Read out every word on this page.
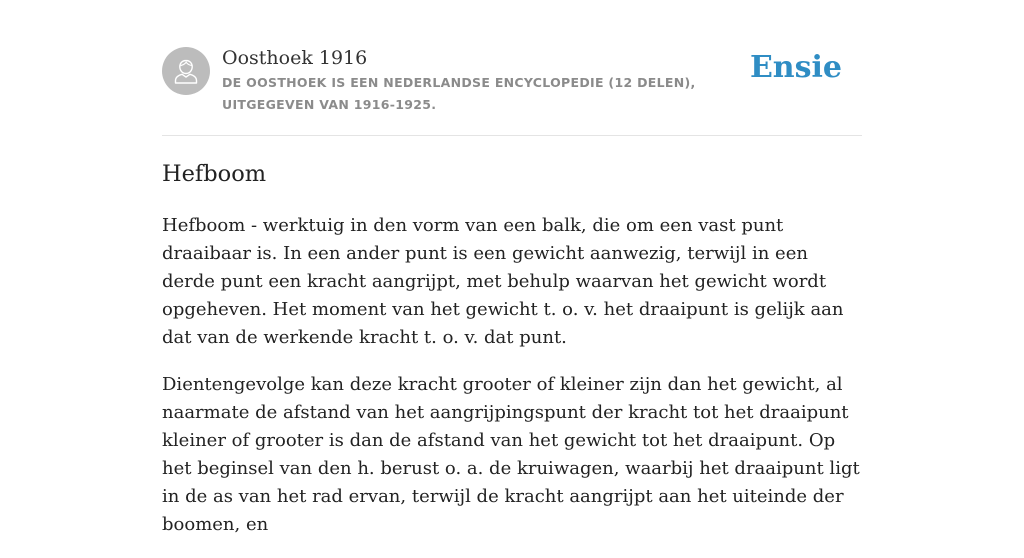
Oosthoek 1916
DE OOSTHOEK IS EEN NEDERLANDSE ENCYCLOPEDIE (12 DELEN), UITGEGEVEN VAN 1916-1925.
Ensie
Hefboom

Hefboom - werktuig in den vorm van een balk, die om een vast punt draaibaar is. In een ander punt is een gewicht aanwezig, terwijl in een derde punt een kracht aangrijpt, met behulp waarvan het gewicht wordt opgeheven. Het moment van het gewicht t. o. v. het draaipunt is gelijk aan dat van de werkende kracht t. o. v. dat punt.

Dientengevolge kan deze kracht grooter of kleiner zijn dan het gewicht, al naarmate de afstand van het aangrijpingspunt der kracht tot het draaipunt kleiner of grooter is dan de afstand van het gewicht tot het draaipunt. Op het beginsel van den h. berust o. a. de kruiwagen, waarbij het draaipunt ligt in de as van het rad ervan, terwijl de kracht aangrijpt aan het uiteinde der boomen, en
